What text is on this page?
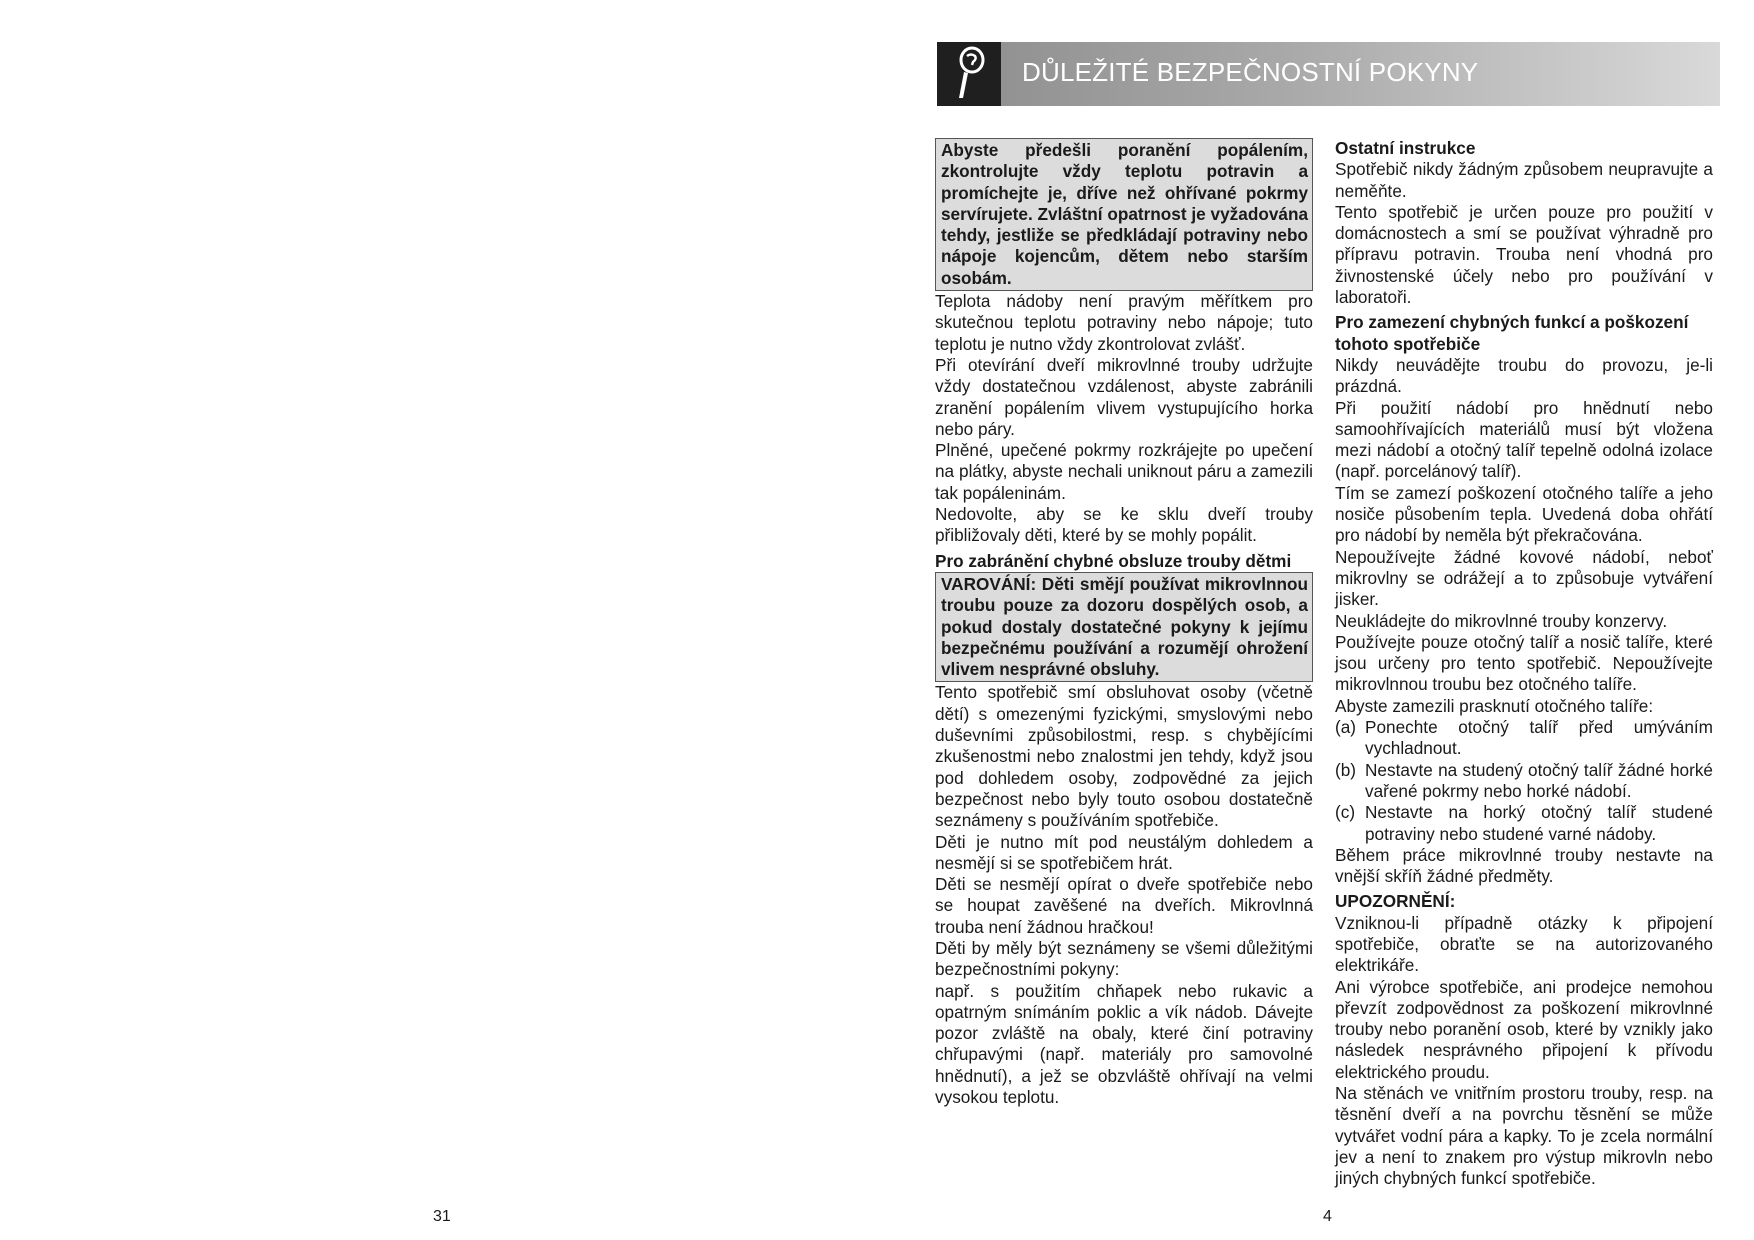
DŮLEŽITÉ BEZPEČNOSTNÍ POKYNY

Abyste předešli poranění popálením, zkontrolujte vždy teplotu potravin a promíchejte je, dříve než ohřívané pokrmy servírujete. Zvláštní opatrnost je vyžadována tehdy, jestliže se předkládají potraviny nebo nápoje kojencům, dětem nebo starším osobám.

Teplota nádoby není pravým měřítkem pro skutečnou teplotu potraviny nebo nápoje; tuto teplotu je nutno vždy zkontrolovat zvlášť.

Při otevírání dveří mikrovlnné trouby udržujte vždy dostatečnou vzdálenost, abyste zabránili zranění popálením vlivem vystupujícího horka nebo páry.

Plněné, upečené pokrmy rozkrájejte po upečení na plátky, abyste nechali uniknout páru a zamezili tak popáleninám.

Nedovolte, aby se ke sklu dveří trouby přibližovaly děti, které by se mohly popálit.

Pro zabránění chybné obsluze trouby dětmi

VAROVÁNÍ: Děti smějí používat mikrovlnnou troubu pouze za dozoru dospělých osob, a pokud dostaly dostatečné pokyny k jejímu bezpečnému používání a rozumějí ohrožení vlivem nesprávné obsluhy.

Tento spotřebič smí obsluhovat osoby (včetně dětí) s omezenými fyzickými, smyslovými nebo duševními způsobilostmi, resp. s chybějícími zkušenostmi nebo znalostmi jen tehdy, když jsou pod dohledem osoby, zodpovědné za jejich bezpečnost nebo byly touto osobou dostatečně seznámeny s používáním spotřebiče.

Děti je nutno mít pod neustálým dohledem a nesmějí si se spotřebičem hrát.

Děti se nesmějí opírat o dveře spotřebiče nebo se houpat zavěšené na dveřích. Mikrovlnná trouba není žádnou hračkou!

Děti by měly být seznámeny se všemi důležitými bezpečnostními pokyny:

např. s použitím chňapek nebo rukavic a opatrným snímáním poklic a vík nádob. Dávejte pozor zvláště na obaly, které činí potraviny chřupavými (např. materiály pro samovolné hnědnutí), a jež se obzvláště ohřívají na velmi vysokou teplotu.

Ostatní instrukce

Spotřebič nikdy žádným způsobem neupravujte a neměňte.

Tento spotřebič je určen pouze pro použití v domácnostech a smí se používat výhradně pro přípravu potravin. Trouba není vhodná pro živnostenské účely nebo pro používání v laboratoři.

Pro zamezení chybných funkcí a poškození tohoto spotřebiče

Nikdy neuvádějte troubu do provozu, je-li prázdná.

Při použití nádobí pro hnědnutí nebo samoohřívajících materiálů musí být vložena mezi nádobí a otočný talíř tepelně odolná izolace (např. porcelánový talíř).

Tím se zamezí poškození otočného talíře a jeho nosiče působením tepla. Uvedená doba ohřátí pro nádobí by neměla být překračována.

Nepoužívejte žádné kovové nádobí, neboť mikrovlny se odrážejí a to způsobuje vytváření jisker.

Neukládejte do mikrovlnné trouby konzervy.

Používejte pouze otočný talíř a nosič talíře, které jsou určeny pro tento spotřebič. Nepoužívejte mikrovlnnou troubu bez otočného talíře.

Abyste zamezili prasknutí otočného talíře:

(a) Ponechte otočný talíř před umýváním vychladnout.
(b) Nestavte na studený otočný talíř žádné horké vařené pokrmy nebo horké nádobí.
(c) Nestavte na horký otočný talíř studené potraviny nebo studené varné nádoby.

Během práce mikrovlnné trouby nestavte na vnější skříň žádné předměty.

UPOZORNĚNÍ:

Vzniknou-li případně otázky k připojení spotřebiče, obraťte se na autorizovaného elektrikáře.

Ani výrobce spotřebiče, ani prodejce nemohou převzít zodpovědnost za poškození mikrovlnné trouby nebo poranění osob, které by vznikly jako následek nesprávného připojení k přívodu elektrického proudu.

Na stěnách ve vnitřním prostoru trouby, resp. na těsnění dveří a na povrchu těsnění se může vytvářet vodní pára a kapky. To je zcela normální jev a není to znakem pro výstup mikrovln nebo jiných chybných funkcí spotřebiče.

31	4
